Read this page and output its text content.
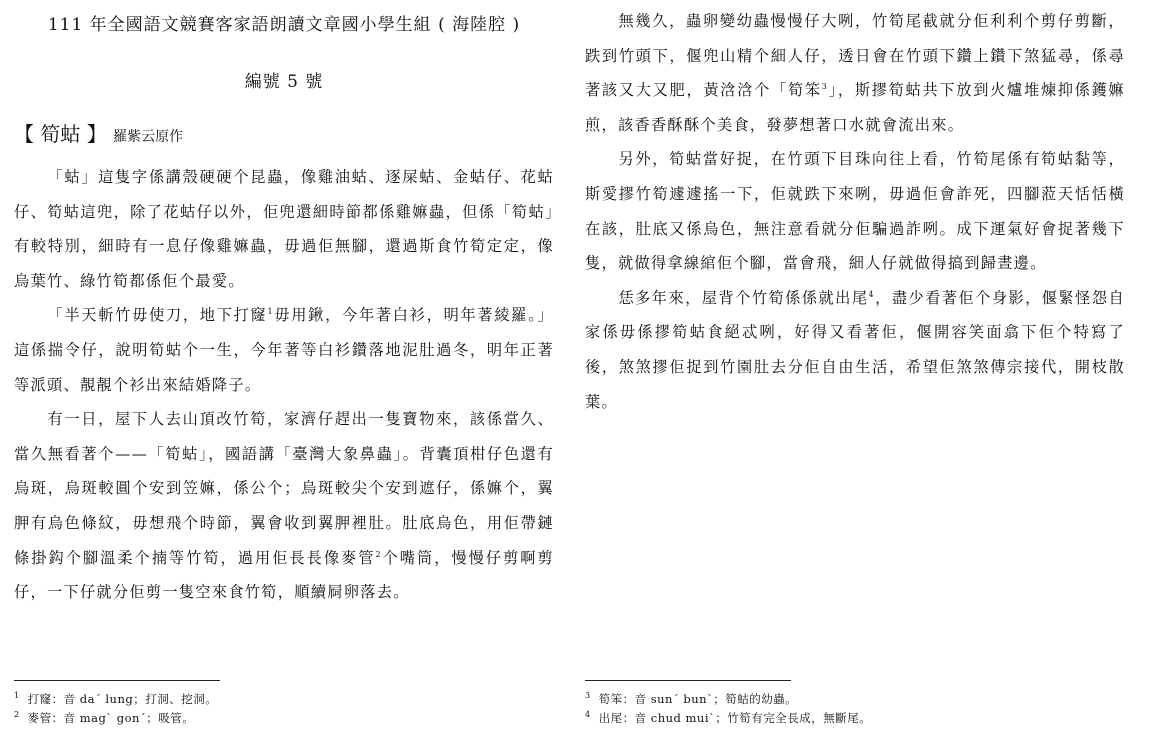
111 年全國語文競賽客家語朗讀文章國小學生組 ( 海陸腔 )
編號 5 號
【 筍蛄 】 羅紫云原作

「蛄」這隻字係講殼硬硬个昆蟲，像雞油蛄、逐屎蛄、金蛄仔、花蛄仔、筍蛄這兜，除了花蛄仔以外，佢兜還細時節都係雞嫲蟲，但係「筍蛄」有較特別，細時有一息仔像雞嫲蟲，毋過佢無腳，還過斯食竹筍定定，像烏葉竹、綠竹筍都係佢个最愛。

「半天斬竹毋使刀，地下打窿$^1$毋用鍬，今年著白衫，明年著綾羅。」這係揣令仔，說明筍蛄个一生，今年著等白衫鑽落地泥肚過冬，明年正著等派頭、靚靚个衫出來結婚降子。

有一日，屋下人去山頂改竹筍，家濟仔趕出一隻寶物來，該係當久、當久無看著个——「筍蛄」，國語講「臺灣大象鼻蟲」。背囊頂柑仔色還有烏斑，烏斑較圓个安到笠嫲，係公个；烏斑較尖个安到遮仔，係嫲个，翼胛有烏色條紋，毋想飛个時節，翼會收到翼胛裡肚。肚底烏色，用佢帶鏈條掛鈎个腳溫柔个揇等竹筍，過用佢長長像麥管$^2$个嘴筒，慢慢仔剪啊剪仔，一下仔就分佢剪一隻空來食竹筍，順續屙卵落去。

$^1$ 打窿：音 da´ lung；打洞、挖洞。
$^2$ 麥管：音 mag` gon´；吸管。

無幾久，蟲卵變幼蟲慢慢仔大咧，竹筍尾截就分佢利利个剪仔剪斷，跌到竹頭下，偃兜山精个細人仔，透日會在竹頭下鑽上鑽下煞猛尋，係尋著該又大又肥，黃浛浛个「筍笨$^3$」，斯摎筍蛄共下放到火爐堆煉抑係鑊嫲煎，該香香酥酥个美食，發夢想著口水就會流出來。

另外，筍蛄當好捉，在竹頭下目珠向往上看，竹筍尾係有筍蛄黏等，斯愛摎竹筍遽遽搖一下，佢就跌下來咧，毋過佢會詐死，四腳蒞天恬恬橫在該，肚底又係烏色，無注意看就分佢騙過詐咧。成下運氣好會捉著幾下隻，就做得拿線綰佢个腳，當會飛，細人仔就做得搞到歸晝邊。

恁多年來，屋背个竹筍係係就出尾$^4$，盡少看著佢个身影，偃緊怪怨自家係毋係摎筍蛄食絕忒咧，好得又看著佢，偃開容笑面翕下佢个特寫了後，煞煞摎佢捉到竹園肚去分佢自由生活，希望佢煞煞傳宗接代，開枝散葉。

$^3$ 筍笨：音 sun´ bun`；筍蛄的幼蟲。
$^4$ 出尾：音 chud mui`；竹筍有完全長成，無斷尾。
